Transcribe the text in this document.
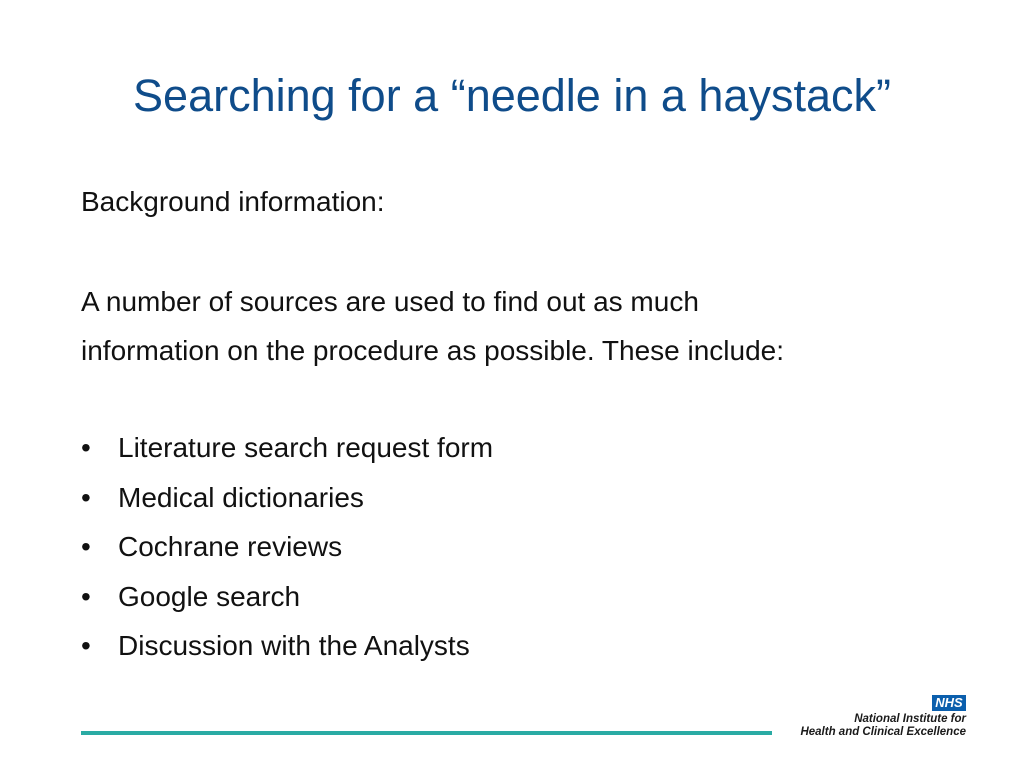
Searching for a “needle in a haystack”
Background information:
A number of sources are used to find out as much
information on the procedure as possible. These include:
• Literature search request form
• Medical dictionaries
• Cochrane reviews
• Google search
• Discussion with the Analysts
NHS
National Institute for
Health and Clinical Excellence
